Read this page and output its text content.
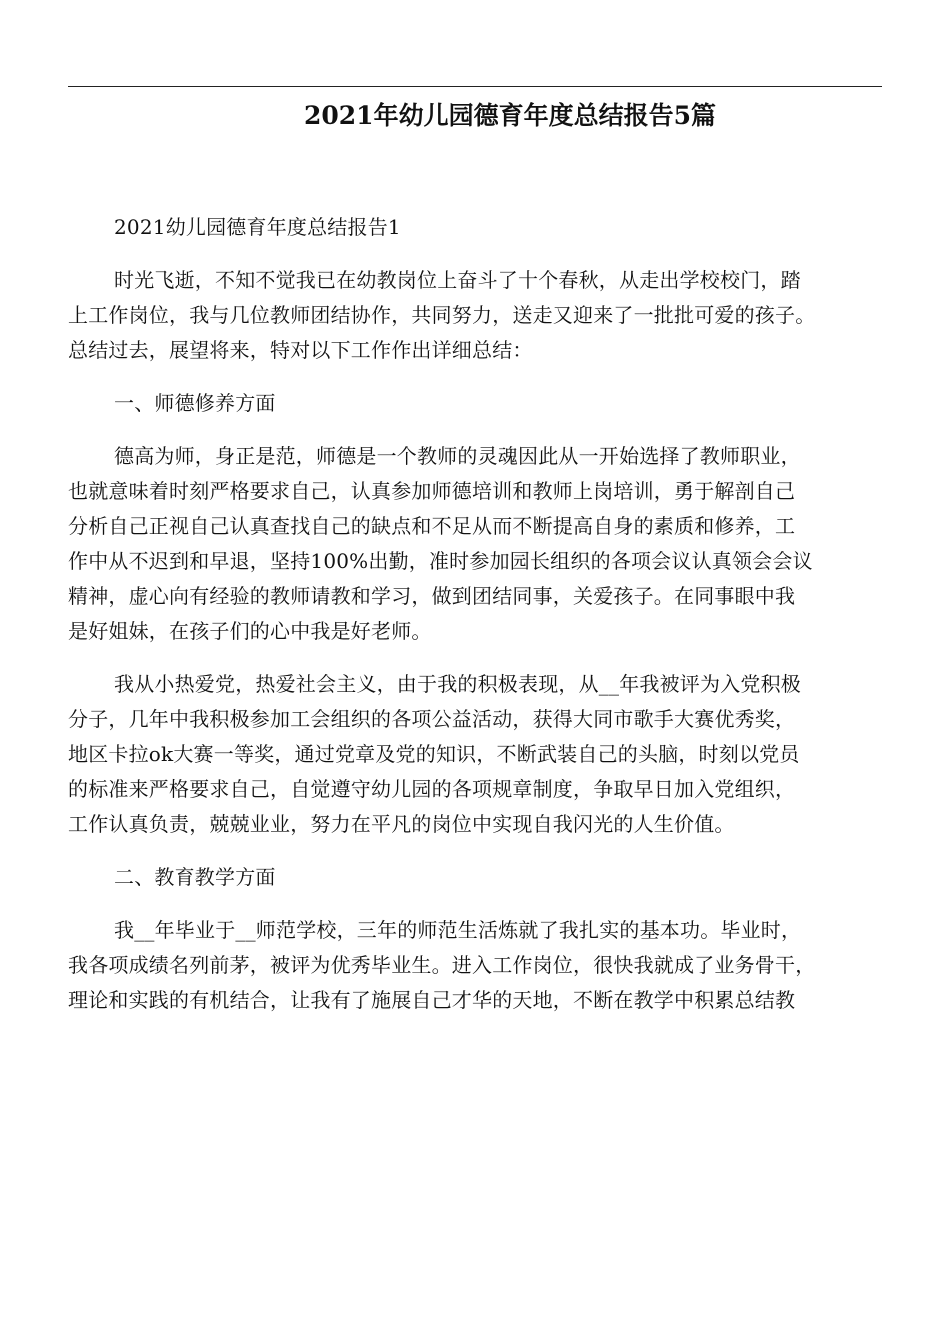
2021年幼儿园德育年度总结报告5篇
2021幼儿园德育年度总结报告1
时光飞逝，不知不觉我已在幼教岗位上奋斗了十个春秋，从走出学校校门，踏
上工作岗位，我与几位教师团结协作，共同努力，送走又迎来了一批批可爱的孩子。
总结过去，展望将来，特对以下工作作出详细总结：
一、师德修养方面
德高为师，身正是范，师德是一个教师的灵魂因此从一开始选择了教师职业，
也就意味着时刻严格要求自己，认真参加师德培训和教师上岗培训，勇于解剖自己
分析自己正视自己认真查找自己的缺点和不足从而不断提高自身的素质和修养，工
作中从不迟到和早退，坚持100%出勤，准时参加园长组织的各项会议认真领会会议
精神，虚心向有经验的教师请教和学习，做到团结同事，关爱孩子。在同事眼中我
是好姐妹，在孩子们的心中我是好老师。
我从小热爱党，热爱社会主义，由于我的积极表现，从__年我被评为入党积极
分子，几年中我积极参加工会组织的各项公益活动，获得大同市歌手大赛优秀奖，
地区卡拉ok大赛一等奖，通过党章及党的知识，不断武装自己的头脑，时刻以党员
的标准来严格要求自己，自觉遵守幼儿园的各项规章制度，争取早日加入党组织，
工作认真负责，兢兢业业，努力在平凡的岗位中实现自我闪光的人生价值。
二、教育教学方面
我__年毕业于__师范学校，三年的师范生活炼就了我扎实的基本功。毕业时，
我各项成绩名列前茅，被评为优秀毕业生。进入工作岗位，很快我就成了业务骨干，
理论和实践的有机结合，让我有了施展自己才华的天地，不断在教学中积累总结教
